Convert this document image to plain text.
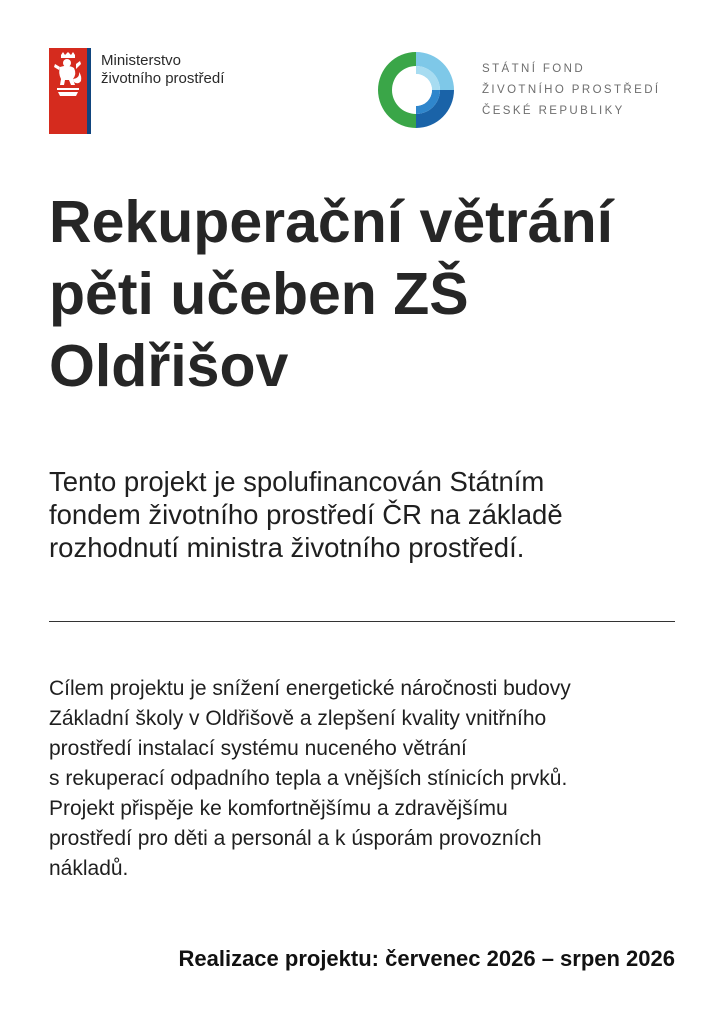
Ministerstvo
životního prostředí
STÁTNÍ FOND
ŽIVOTNÍHO PROSTŘEDÍ
ČESKÉ REPUBLIKY
Rekuperační větrání
pěti učeben ZŠ
Oldřišov

Tento projekt je spolufinancován Státním
fondem životního prostředí ČR na základě
rozhodnutí ministra životního prostředí.

Cílem projektu je snížení energetické náročnosti budovy
Základní školy v Oldřišově a zlepšení kvality vnitřního
prostředí instalací systému nuceného větrání
s rekuperací odpadního tepla a vnějších stínicích prvků.
Projekt přispěje ke komfortnějšímu a zdravějšímu
prostředí pro děti a personál a k úsporám provozních
nákladů.

Realizace projektu: červenec 2026 – srpen 2026
